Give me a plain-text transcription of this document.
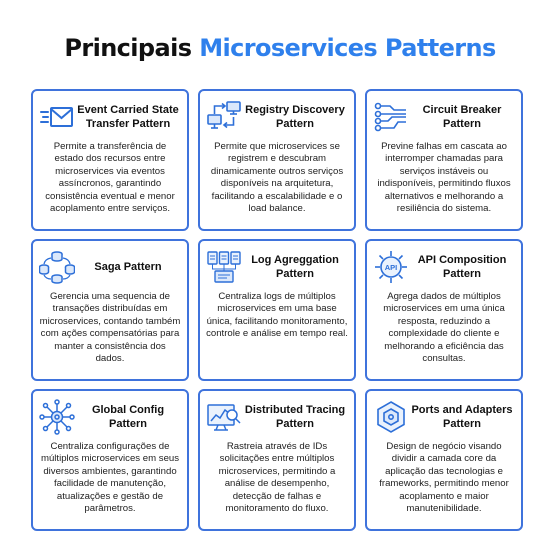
Principais Microservices Patterns
Event Carried State Transfer Pattern
Permite a transferência de estado dos recursos entre microservices via eventos assíncronos, garantindo consistência eventual e menor acoplamento entre serviços.
Registry Discovery Pattern
Permite que microservices se registrem e descubram dinamicamente outros serviços disponíveis na arquitetura, facilitando a escalabilidade e o load balance.
Circuit Breaker Pattern
Previne falhas em cascata ao interromper chamadas para serviços instáveis ou indisponíveis, permitindo fluxos alternativos e melhorando a resiliência do sistema.
Saga Pattern
Gerencia uma sequencia de transações distribuídas em microservices, contando também com ações compensatórias para manter a consistência dos dados.
Log Agreggation Pattern
Centraliza logs de múltiplos microservices em uma base única, facilitando monitoramento, controle e análise em tempo real.
API
API Composition Pattern
Agrega dados de múltiplos microservices em uma única resposta, reduzindo a complexidade do cliente e melhorando a eficiência das consultas.
Global Config Pattern
Centraliza configurações de múltiplos microservices em seus diversos ambientes, garantindo facilidade de manutenção, atualizações e gestão de parâmetros.
Distributed Tracing Pattern
Rastreia através de IDs solicitações entre múltiplos microservices, permitindo a análise de desempenho, detecção de falhas e monitoramento do fluxo.
Ports and Adapters Pattern
Design de negócio visando dividir a camada core da aplicação das tecnologias e frameworks, permitindo menor acoplamento e maior manutenibilidade.
